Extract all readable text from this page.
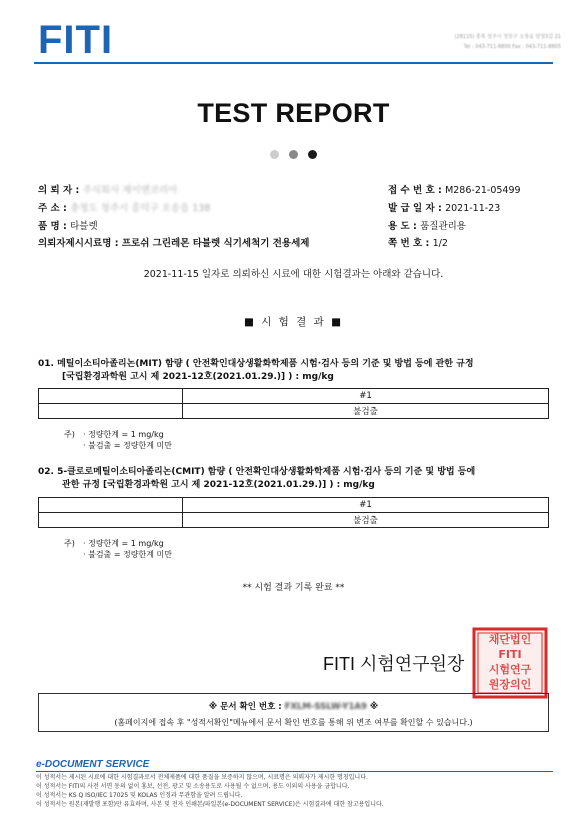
FITI	(28115) 충북 청주시 청원구 오창읍 양청3길 21
Tel : 043-711-8800 Fax : 043-711-8805
TEST REPORT
의 뢰 자 : 주식회사 제이앤코리아
주 소 : 충청도 청주시 흥덕구 오송읍 138
품 명 : 타블렛
의뢰자제시시료명 : 프로쉬 그린레몬 타블렛 식기세척기 전용세제
접 수 번 호 : M286-21-05499
발 급 일 자 : 2021-11-23
용 도 : 품질관리용
쪽 번 호 : 1/2
2021-11-15 일자로 의뢰하신 시료에 대한 시험결과는 아래와 같습니다.
■ 시 험 결 과 ■
01. 메틸이소티아졸리논(MIT) 함량 ( 안전확인대상생활화학제품 시험·검사 등의 기준 및 방법 등에 관한 규정
[국립환경과학원 고시 제 2021-12호(2021.01.29.)] ) : mg/kg
	#1
	불검출
주) · 정량한계 = 1 mg/kg
· 불검출 = 정량한계 미만
02. 5-클로로메틸이소티아졸리논(CMIT) 함량 ( 안전확인대상생활화학제품 시험·검사 등의 기준 및 방법 등에
관한 규정 [국립환경과학원 고시 제 2021-12호(2021.01.29.)] ) : mg/kg
	#1
	불검출
주) · 정량한계 = 1 mg/kg
· 불검출 = 정량한계 미만
** 시험 결과 기록 완료 **
FITI 시험연구원장
채단법인
FITI
시험연구
원장의인
※ 문서 확인 번호 : FXLM-SSLW-Y1A9 ※
(홈페이지에 접속 후 "성적서확인"메뉴에서 문서 확인 번호를 통해 위 변조 여부를 확인할 수 있습니다.)
e-DOCUMENT SERVICE
이 성적서는 제시된 시료에 대한 시험결과로서 전체제품에 대한 품질을 보증하지 않으며, 시료명은 의뢰자가 제시한 명칭입니다.
이 성적서는 FITI의 사전 서면 동의 없이 홍보, 선전, 광고 및 소송용도로 사용될 수 없으며, 용도 이외의 사용을 금합니다.
이 성적서는 KS Q ISO/IEC 17025 및 KOLAS 인정과 무관함을 알려 드립니다.
이 성적서는 원본(재발행 포함)만 유효하며, 사본 및 전자 인쇄본/파일본(e-DOCUMENT SERVICE)은 시험결과에 대한 참고용입니다.
